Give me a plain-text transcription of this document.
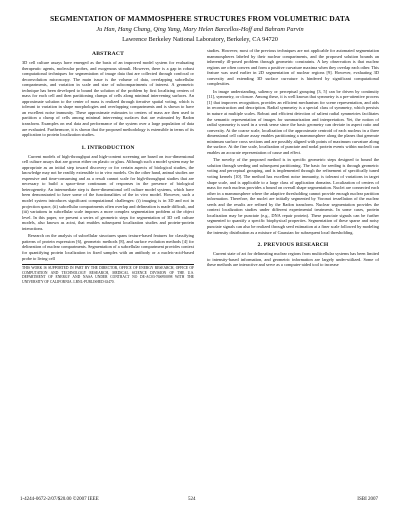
SEGMENTATION OF MAMMOSPHERE STRUCTURES FROM VOLUMETRIC DATA
Ju Han, Hang Chang, Qing Yang, Mary Helen Barcellos-Hoff and Bahram Parvin
Lawrence Berkeley National Laboratory, Berkeley, CA 94720
ABSTRACT

3D cell culture assays have emerged as the basis of an improved model system for evaluating therapeutic agents, molecular probes, and exogenous stimuli. However, there is a gap in robust computational techniques for segmentation of image data that are collected through confocal or deconvolution microscopy. The main issue is the volume of data, overlapping subcellular compartments, and variation in scale and size of subcompartments of interest. A geometric technique has been developed to bound the solution of the problem by first localizing centers of mass for each cell and then partitioning clumps of cells along minimal intervening surfaces. An approximate solution to the center of mass is realized through iterative spatial voting, which is tolerant to variation in shape morphologies and overlapping compartments and is shown to have an excellent noise immunity. These approximate estimates to centers of mass are then used to partition a clump of cells among minimal intervening surfaces that are estimated by Radon transform. Examples on real data and performance of the system over a large population of data are evaluated. Furthermore, it is shown that the proposed methodology is extensible in terms of its application to protein localization studies.

1. INTRODUCTION

Current models of high-throughput and high-content screening are based on two-dimensional cell culture assays that are grown either on plastic or glass. Although such a model system may be appropriate as an initial step toward discovery or for certain aspects of biological studies, the knowledge may not be readily extensible to in vivo models. On the other hand, animal studies are expensive and time-consuming and as a result cannot scale for high-throughput studies that are necessary to build a space-time continuum of responses in the presence of biological heterogeneity. An intermediate step is three-dimensional cell culture model systems, which have been demonstrated to have some of the functionalities of the in vivo model. However, such a model system introduces significant computational challenges: (i) imaging is in 3D and not in projection space, (ii) subcellular compartments often overlap and delineation is made difficult, and (iii) variations in subcellular scale imposes a more complex segmentation problem at the object level. In this paper, we present a series of geometric steps for segmentation of 3D cell culture models, also known as acini, that enables subsequent localization studies and protein-protein interactions.

Research on the analysis of subcellular structures spans texture-based features for classifying patterns of protein expression [6], geometric methods [8], and surface evolution methods [4] for delineation of nuclear compartments. Segmentation of a subcellular compartment provides context for quantifying protein localization in fixed samples with an antibody or a nucleic-acid-based probe to living cell

THIS WORK IS SUPPORTED IN PART BY THE DIRECTOR, OFFICE OF ENERGY RESEARCH, OFFICE OF COMPUTATION AND TECHNOLOGY RESEARCH, MEDICAL SCIENCE DIVISION OF THE U.S. DEPARTMENT OF ENERGY AND NASA UNDER CONTRACT NO DE-AC03-76SF00098 WITH THE UNIVERSITY OF CALIFORNIA. LBNL-PUBLISHED 63470.

studies. However, most of the previous techniques are not applicable for automated segmentation mammospheres labeled by their nuclear compartments, and the proposed solution bounds an inherently ill-posed problem through geometric constraints. A key observation is that nuclear regions are often convex and form a positive curvature maxima when they overlap each other. This feature was used earlier in 2D segmentation of nuclear regions [9]. However, evaluating 3D convexity and extending 3D surface curvature is hindered by significant computational complexities.

In image understanding, saliency or perceptual grouping [3, 5] can be driven by continuity [11], symmetry, or closure. Among these, it is well known that symmetry is a pre-attentive process [1] that improves recognition, provides an efficient mechanism for scene representation, and aids in reconstruction and description. Radial symmetry is a special class of symmetry, which persists in nature at multiple scales. Robust and efficient detection of salient radial symmetries facilitates the semantic representation of images for summarization and interpretation. Yet, the notion of radial symmetry is used in a weak sense since the basic geometry can deviate in aspect ratio and convexity. At the coarse scale, localization of the approximate centroid of each nucleus in a three dimensional cell culture assay enables partitioning a mammosphere along the planes that generate minimum surface cross sections and are possibly aligned with points of maximum curvature along the surface. At the fine scale, localization of punctate and nodal protein events within nucleoli can enables an accurate representation of cause and effect.

The novelty of the proposed method is in specific geometric steps designed to bound the solution through seeding and subsequent partitioning. The basic for seeding is through geometric voting and perceptual grouping, and is implemented through the refinement of specifically tuned voting kernels [10]. The method has excellent noise immunity, is tolerant of variations in target shape scale, and is applicable to a large class of application domains. Localization of centers of mass for each nucleus provides a bound on overall shape segmentation. Nuclei are connected each other in a mammosphere where the adaptive thresholding cannot provide enough nuclear partition information. Therefore, the nuclei are initially segmented by Voronoi tessellation of the nuclear seeds and the results are refined by the Radon transform. Nuclear segmentation provides the context localization studies under different experimental treatments. In some cases, protein localization may be punctate (e.g., DNA repair protein). These punctate signals can be further segmented to quantify a specific biophysical properties. Segmentation of these sparse and noisy punctate signals can also be realized through seed estimation at a finer scale followed by modeling the intensity distribution as a mixture of Gaussian for subsequent local thresholding.

2. PREVIOUS RESEARCH

Current state of art for delineating nuclear regions from multicellular systems has been limited to intensity-based information, and geometric information are largely under-utilized. Some of these methods are interactive and serve as a computer-aided tool to increase

1-4244-0672-2/07/$20.00 ©2007 IEEE	524	ISBI 2007
